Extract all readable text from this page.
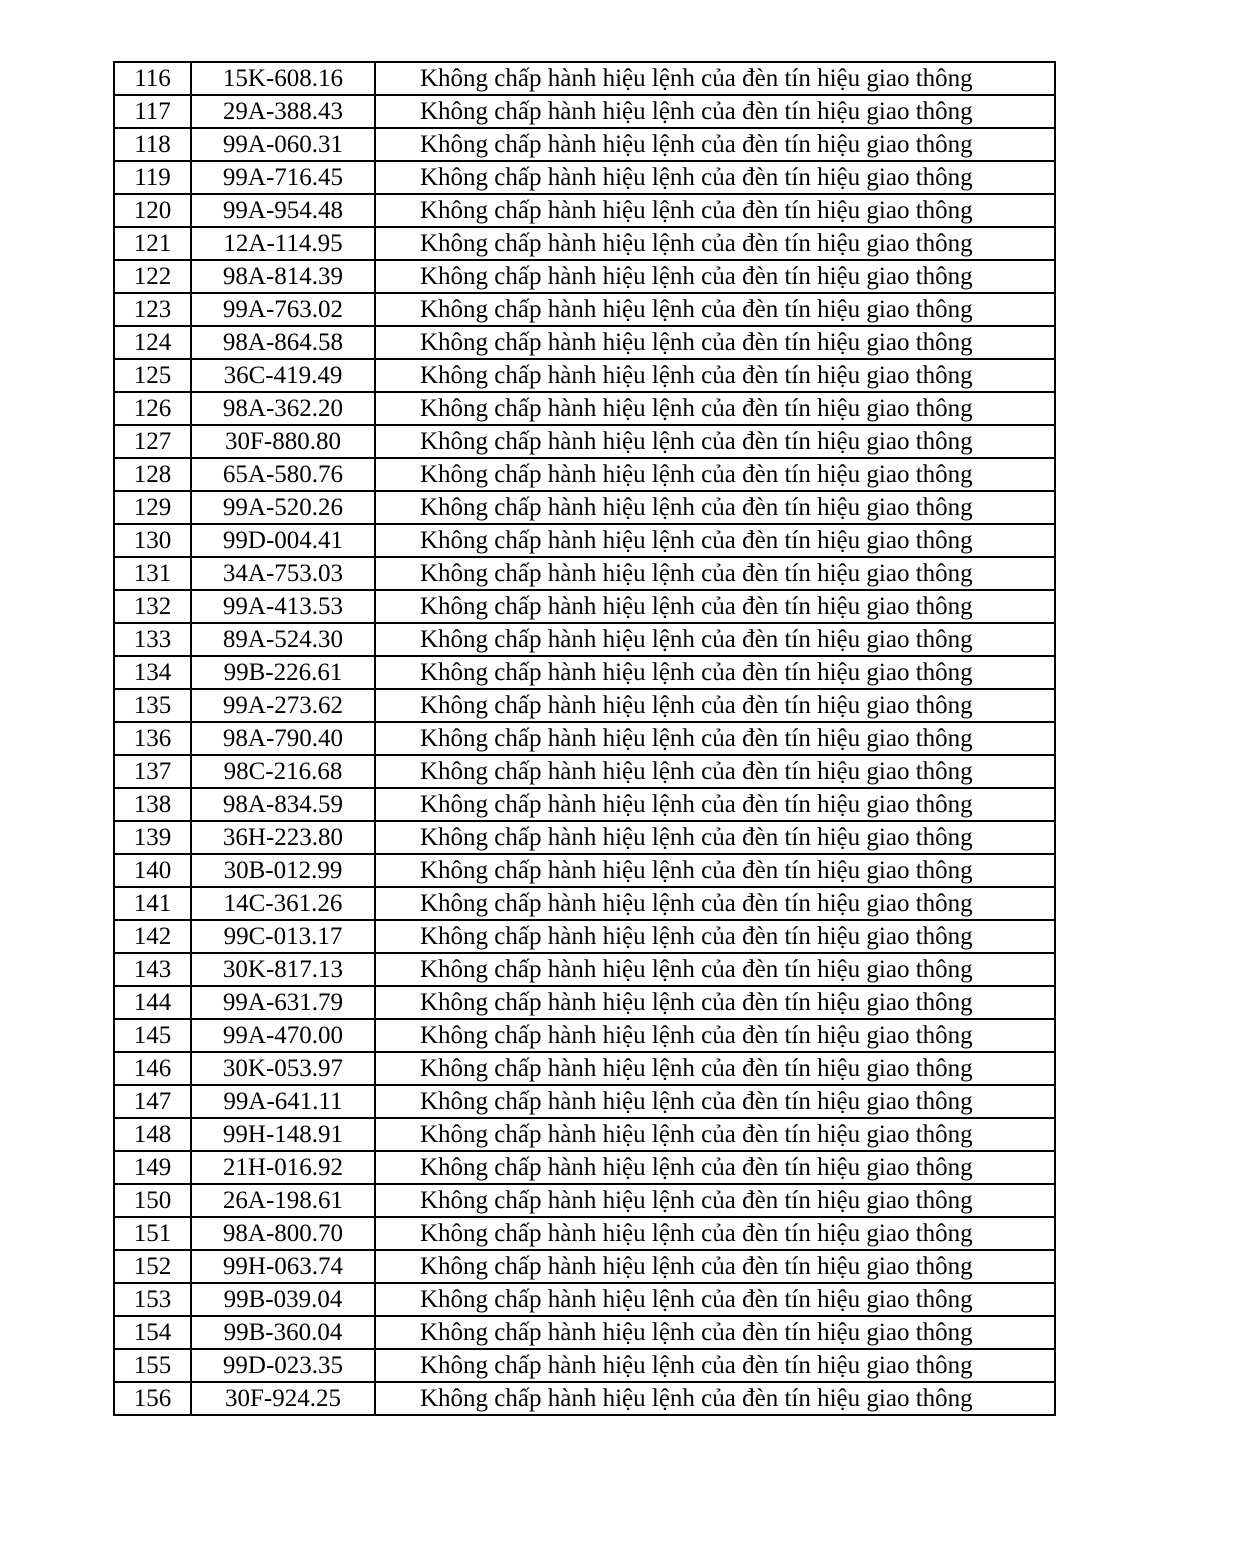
116	15K-608.16	Không chấp hành hiệu lệnh của đèn tín hiệu giao thông
117	29A-388.43	Không chấp hành hiệu lệnh của đèn tín hiệu giao thông
118	99A-060.31	Không chấp hành hiệu lệnh của đèn tín hiệu giao thông
119	99A-716.45	Không chấp hành hiệu lệnh của đèn tín hiệu giao thông
120	99A-954.48	Không chấp hành hiệu lệnh của đèn tín hiệu giao thông
121	12A-114.95	Không chấp hành hiệu lệnh của đèn tín hiệu giao thông
122	98A-814.39	Không chấp hành hiệu lệnh của đèn tín hiệu giao thông
123	99A-763.02	Không chấp hành hiệu lệnh của đèn tín hiệu giao thông
124	98A-864.58	Không chấp hành hiệu lệnh của đèn tín hiệu giao thông
125	36C-419.49	Không chấp hành hiệu lệnh của đèn tín hiệu giao thông
126	98A-362.20	Không chấp hành hiệu lệnh của đèn tín hiệu giao thông
127	30F-880.80	Không chấp hành hiệu lệnh của đèn tín hiệu giao thông
128	65A-580.76	Không chấp hành hiệu lệnh của đèn tín hiệu giao thông
129	99A-520.26	Không chấp hành hiệu lệnh của đèn tín hiệu giao thông
130	99D-004.41	Không chấp hành hiệu lệnh của đèn tín hiệu giao thông
131	34A-753.03	Không chấp hành hiệu lệnh của đèn tín hiệu giao thông
132	99A-413.53	Không chấp hành hiệu lệnh của đèn tín hiệu giao thông
133	89A-524.30	Không chấp hành hiệu lệnh của đèn tín hiệu giao thông
134	99B-226.61	Không chấp hành hiệu lệnh của đèn tín hiệu giao thông
135	99A-273.62	Không chấp hành hiệu lệnh của đèn tín hiệu giao thông
136	98A-790.40	Không chấp hành hiệu lệnh của đèn tín hiệu giao thông
137	98C-216.68	Không chấp hành hiệu lệnh của đèn tín hiệu giao thông
138	98A-834.59	Không chấp hành hiệu lệnh của đèn tín hiệu giao thông
139	36H-223.80	Không chấp hành hiệu lệnh của đèn tín hiệu giao thông
140	30B-012.99	Không chấp hành hiệu lệnh của đèn tín hiệu giao thông
141	14C-361.26	Không chấp hành hiệu lệnh của đèn tín hiệu giao thông
142	99C-013.17	Không chấp hành hiệu lệnh của đèn tín hiệu giao thông
143	30K-817.13	Không chấp hành hiệu lệnh của đèn tín hiệu giao thông
144	99A-631.79	Không chấp hành hiệu lệnh của đèn tín hiệu giao thông
145	99A-470.00	Không chấp hành hiệu lệnh của đèn tín hiệu giao thông
146	30K-053.97	Không chấp hành hiệu lệnh của đèn tín hiệu giao thông
147	99A-641.11	Không chấp hành hiệu lệnh của đèn tín hiệu giao thông
148	99H-148.91	Không chấp hành hiệu lệnh của đèn tín hiệu giao thông
149	21H-016.92	Không chấp hành hiệu lệnh của đèn tín hiệu giao thông
150	26A-198.61	Không chấp hành hiệu lệnh của đèn tín hiệu giao thông
151	98A-800.70	Không chấp hành hiệu lệnh của đèn tín hiệu giao thông
152	99H-063.74	Không chấp hành hiệu lệnh của đèn tín hiệu giao thông
153	99B-039.04	Không chấp hành hiệu lệnh của đèn tín hiệu giao thông
154	99B-360.04	Không chấp hành hiệu lệnh của đèn tín hiệu giao thông
155	99D-023.35	Không chấp hành hiệu lệnh của đèn tín hiệu giao thông
156	30F-924.25	Không chấp hành hiệu lệnh của đèn tín hiệu giao thông
